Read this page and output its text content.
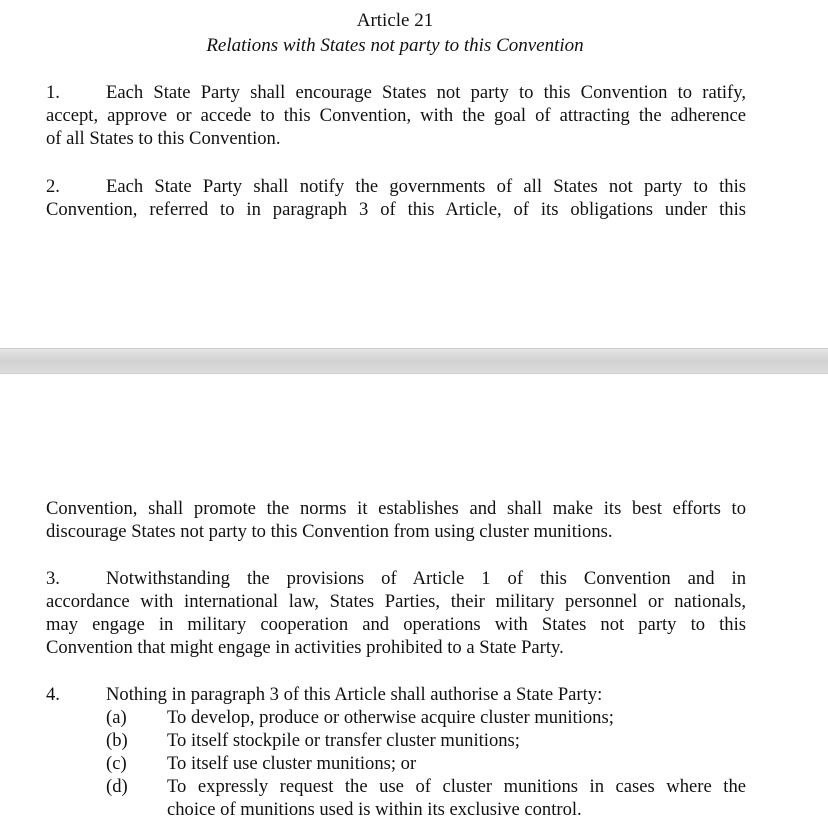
Article 21
Relations with States not party to this Convention
1. Each State Party shall encourage States not party to this Convention to ratify,
accept, approve or accede to this Convention, with the goal of attracting the adherence
of all States to this Convention.
2. Each State Party shall notify the governments of all States not party to this
Convention, referred to in paragraph 3 of this Article, of its obligations under this
Convention, shall promote the norms it establishes and shall make its best efforts to
discourage States not party to this Convention from using cluster munitions.
3. Notwithstanding the provisions of Article 1 of this Convention and in
accordance with international law, States Parties, their military personnel or nationals,
may engage in military cooperation and operations with States not party to this
Convention that might engage in activities prohibited to a State Party.
4. Nothing in paragraph 3 of this Article shall authorise a State Party:
(a) To develop, produce or otherwise acquire cluster munitions;
(b) To itself stockpile or transfer cluster munitions;
(c) To itself use cluster munitions; or
(d) To expressly request the use of cluster munitions in cases where the
choice of munitions used is within its exclusive control.
